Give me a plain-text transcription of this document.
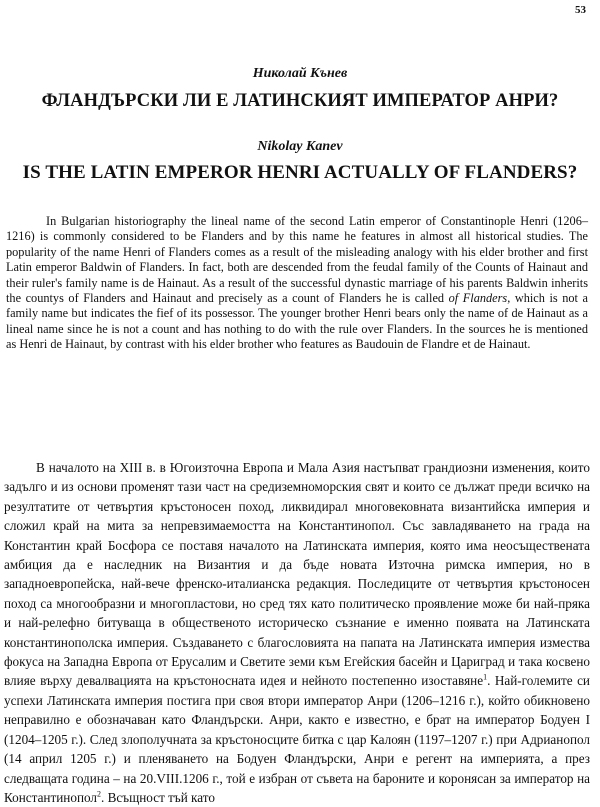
53
Николай Кънев
ФЛАНДЪРСКИ ЛИ Е ЛАТИНСКИЯТ ИМПЕРАТОР АНРИ?
Nikolay Kanev
IS THE LATIN EMPEROR HENRI ACTUALLY OF FLANDERS?

In Bulgarian historiography the lineal name of the second Latin emperor of Constantinople Henri (1206–1216) is commonly considered to be Flanders and by this name he features in almost all historical studies. The popularity of the name Henri of Flanders comes as a result of the misleading analogy with his elder brother and first Latin emperor Baldwin of Flanders. In fact, both are descended from the feudal family of the Counts of Hainaut and their ruler's family name is de Hainaut. As a result of the successful dynastic marriage of his parents Baldwin inherits the countys of Flanders and Hainaut and precisely as a count of Flanders he is called of Flanders, which is not a family name but indicates the fief of its possessor. The younger brother Henri bears only the name of de Hainaut as a lineal name since he is not a count and has nothing to do with the rule over Flanders. In the sources he is mentioned as Henri de Hainaut, by contrast with his elder brother who features as Baudouin de Flandre et de Hainaut.

В началото на XIII в. в Югоизточна Европа и Мала Азия настъпват грандиозни изменения, които задълго и из основи променят тази част на средиземноморския свят и които се дължат преди всичко на резултатите от четвъртия кръстоносен поход, ликвидирал многовековната византийска империя и сложил край на мита за непревзимаемостта на Константинопол. Със завладяването на града на Константин край Босфора се поставя началото на Латинската империя, която има неосъществената амбиция да е наследник на Византия и да бъде новата Източна римска империя, но в западноевропейска, най-вече френско-италианска редакция. Последиците от четвъртия кръстоносен поход са многообразни и многопластови, но сред тях като политическо проявление може би най-пряка и най-релефно битуваща в общественото историческо съзнание е именно появата на Латинската константинополска империя. Създаването с благословията на папата на Латинската империя измества фокуса на Западна Европа от Ерусалим и Светите земи към Егейския басейн и Цариград и така косвено влияе върху девалвацията на кръстоносната идея и нейното постепенно изоставяне$^1$. Най-големите си успехи Латинската империя постига при своя втори император Анри (1206–1216 г.), който обикновено неправилно е обозначаван като Фландърски. Анри, както е известно, е брат на император Бодуен I (1204–1205 г.). След злополучната за кръстоносците битка с цар Калоян (1197–1207 г.) при Адрианопол (14 април 1205 г.) и пленяването на Бодуен Фландърски, Анри е регент на империята, а през следващата година – на 20.VIII.1206 г., той е избран от съвета на бароните и коронясан за император на Константинопол$^2$. Всъщност тъй като
